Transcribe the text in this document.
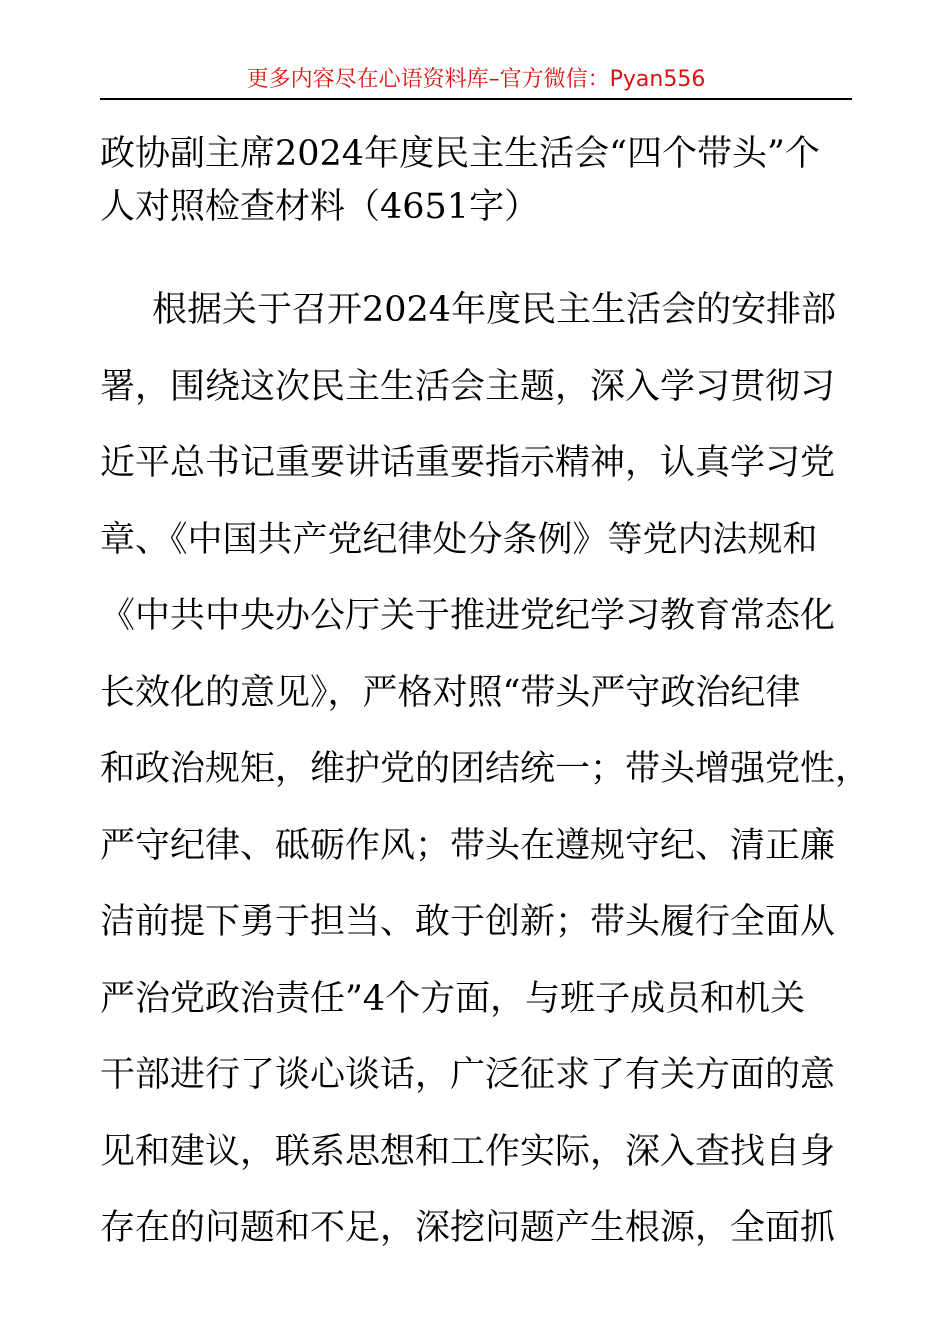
更多内容尽在心语资料库–官方微信：Pyan556
政协副主席2024年度民主生活会“四个带头”个
人对照检查材料（4651字）
根据关于召开2024年度民主生活会的安排部
署，围绕这次民主生活会主题，深入学习贯彻习
近平总书记重要讲话重要指示精神，认真学习党
章、《中国共产党纪律处分条例》等党内法规和
《中共中央办公厅关于推进党纪学习教育常态化
长效化的意见》，严格对照“带头严守政治纪律
和政治规矩，维护党的团结统一；带头增强党性，
严守纪律、砥砺作风；带头在遵规守纪、清正廉
洁前提下勇于担当、敢于创新；带头履行全面从
严治党政治责任”4个方面，与班子成员和机关
干部进行了谈心谈话，广泛征求了有关方面的意
见和建议，联系思想和工作实际，深入查找自身
存在的问题和不足，深挖问题产生根源，全面抓
